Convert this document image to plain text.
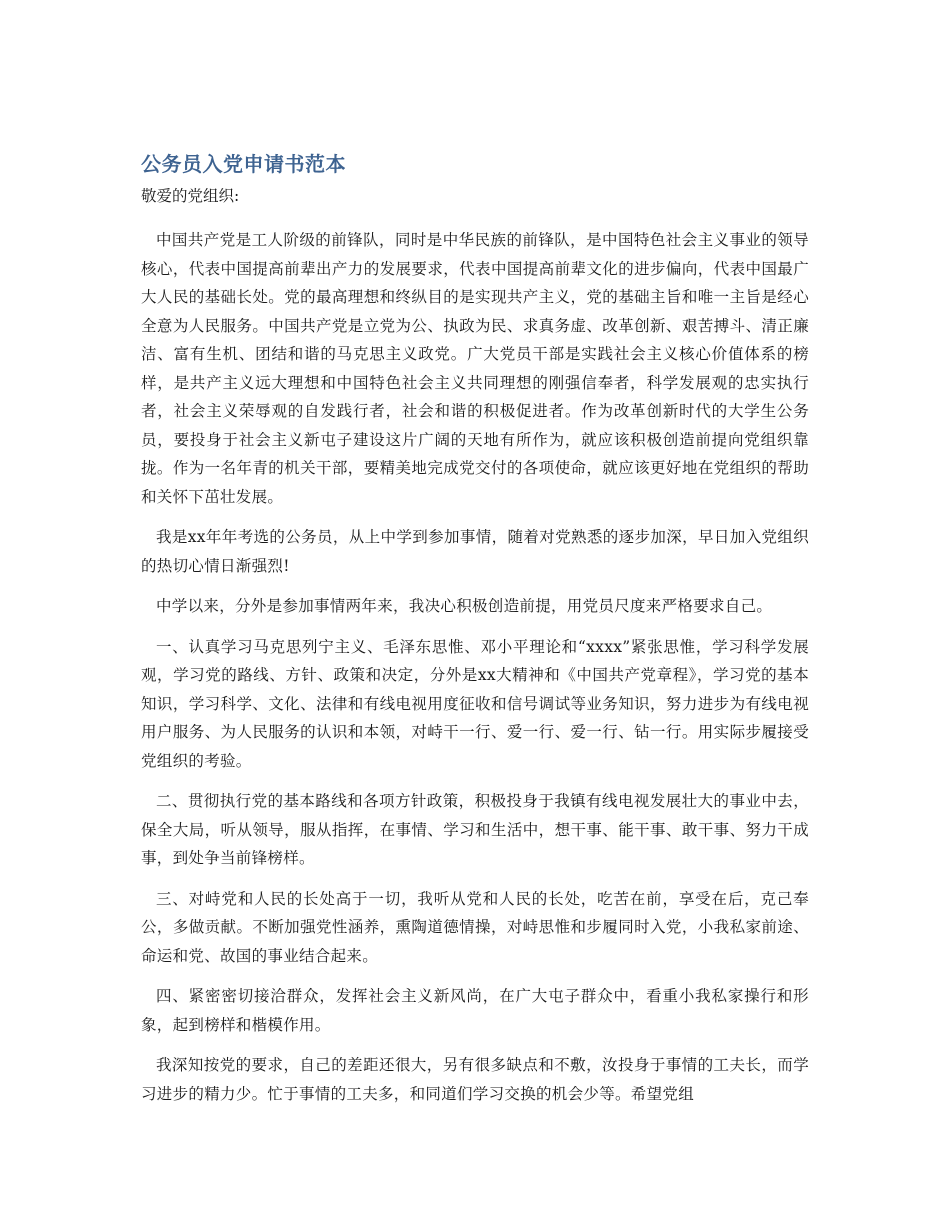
公务员入党申请书范本

敬爱的党组织:

中国共产党是工人阶级的前锋队，同时是中华民族的前锋队，是中国特色社会主义事业的领导核心，代表中国提高前辈出产力的发展要求，代表中国提高前辈文化的进步偏向，代表中国最广大人民的基础长处。党的最高理想和终纵目的是实现共产主义，党的基础主旨和唯一主旨是经心全意为人民服务。中国共产党是立党为公、执政为民、求真务虚、改革创新、艰苦搏斗、清正廉洁、富有生机、团结和谐的马克思主义政党。广大党员干部是实践社会主义核心价值体系的榜样，是共产主义远大理想和中国特色社会主义共同理想的刚强信奉者，科学发展观的忠实执行者，社会主义荣辱观的自发践行者，社会和谐的积极促进者。作为改革创新时代的大学生公务员，要投身于社会主义新屯子建设这片广阔的天地有所作为，就应该积极创造前提向党组织靠拢。作为一名年青的机关干部，要精美地完成党交付的各项使命，就应该更好地在党组织的帮助和关怀下茁壮发展。

我是xx年年考选的公务员，从上中学到参加事情，随着对党熟悉的逐步加深，早日加入党组织的热切心情日渐强烈!

中学以来，分外是参加事情两年来，我决心积极创造前提，用党员尺度来严格要求自己。

一、认真学习马克思列宁主义、毛泽东思惟、邓小平理论和“xxxx”紧张思惟，学习科学发展观，学习党的路线、方针、政策和决定，分外是xx大精神和《中国共产党章程》，学习党的基本知识，学习科学、文化、法律和有线电视用度征收和信号调试等业务知识，努力进步为有线电视用户服务、为人民服务的认识和本领，对峙干一行、爱一行、爱一行、钻一行。用实际步履接受党组织的考验。

二、贯彻执行党的基本路线和各项方针政策，积极投身于我镇有线电视发展壮大的事业中去，保全大局，听从领导，服从指挥，在事情、学习和生活中，想干事、能干事、敢干事、努力干成事，到处争当前锋榜样。

三、对峙党和人民的长处高于一切，我听从党和人民的长处，吃苦在前，享受在后，克己奉公，多做贡献。不断加强党性涵养，熏陶道德情操，对峙思惟和步履同时入党，小我私家前途、命运和党、故国的事业结合起来。

四、紧密密切接洽群众，发挥社会主义新风尚，在广大屯子群众中，看重小我私家操行和形象，起到榜样和楷模作用。

我深知按党的要求，自己的差距还很大，另有很多缺点和不敷，汝投身于事情的工夫长，而学习进步的精力少。忙于事情的工夫多，和同道们学习交换的机会少等。希望党组
